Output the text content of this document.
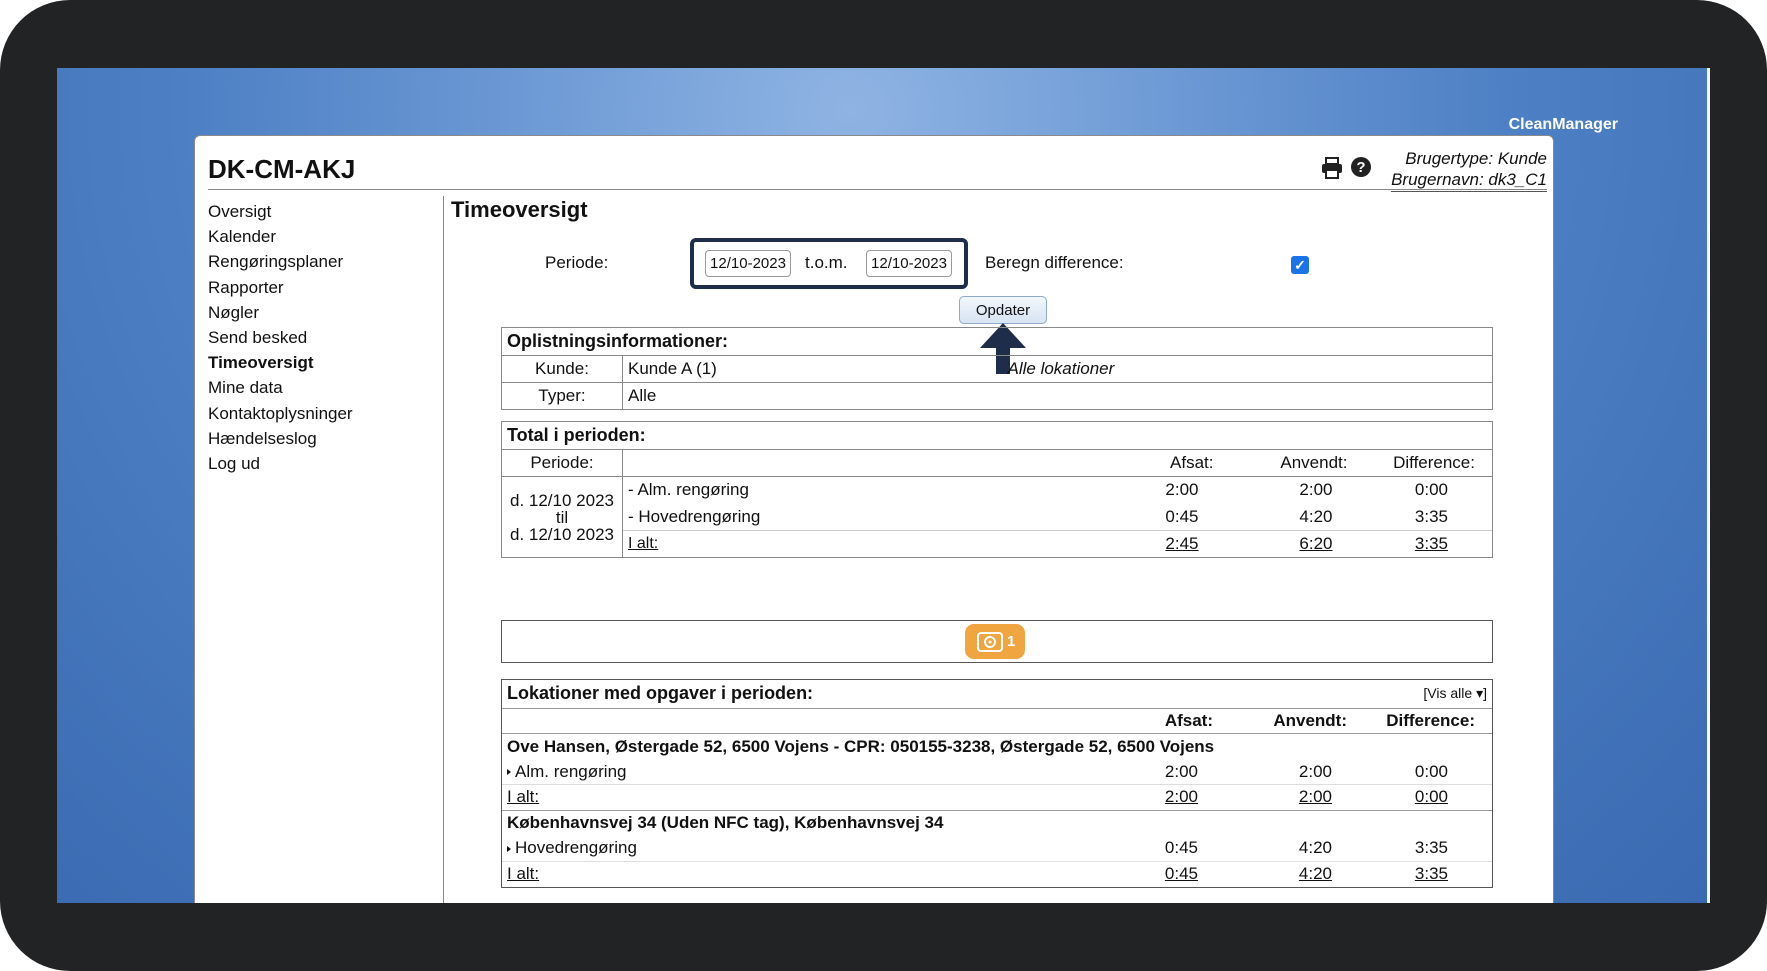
CleanManager
DK-CM-AKJ	?	Brugertype: Kunde
Brugernavn: dk3_C1
Oversigt
Kalender
Rengøringsplaner
Rapporter
Nøgler
Send besked
Timeoversigt
Mine data
Kontaktoplysninger
Hændelseslog
Log ud
Timeoversigt
Periode:
12/10-2023	t.o.m.
12/10-2023	Beregn difference:	✓
Opdater
Oplistningsinformationer:		
Kunde:	Kunde A (1)	Alle lokationer
Typer:	Alle	
Total i perioden:				
Periode:		Afsat:	Anvendt:	Difference:

d. 12/10 2023
til
d. 12/10 2023	- Alm. rengøring	2:00	2:00	0:00
	- Hovedrengøring	0:45	4:20	3:35
	I alt:	2:45	6:20	3:35
1
Lokationer med opgaver i perioden:			[Vis alle ▾]

	Afsat:	Anvendt:	Difference:
Ove Hansen, Østergade 52, 6500 Vojens - CPR: 050155-3238, Østergade 52, 6500 Vojens			
Alm. rengøring	2:00	2:00	0:00
I alt:	2:00	2:00	0:00
Københavnsvej 34 (Uden NFC tag), Københavnsvej 34			
Hovedrengøring	0:45	4:20	3:35
I alt:	0:45	4:20	3:35
